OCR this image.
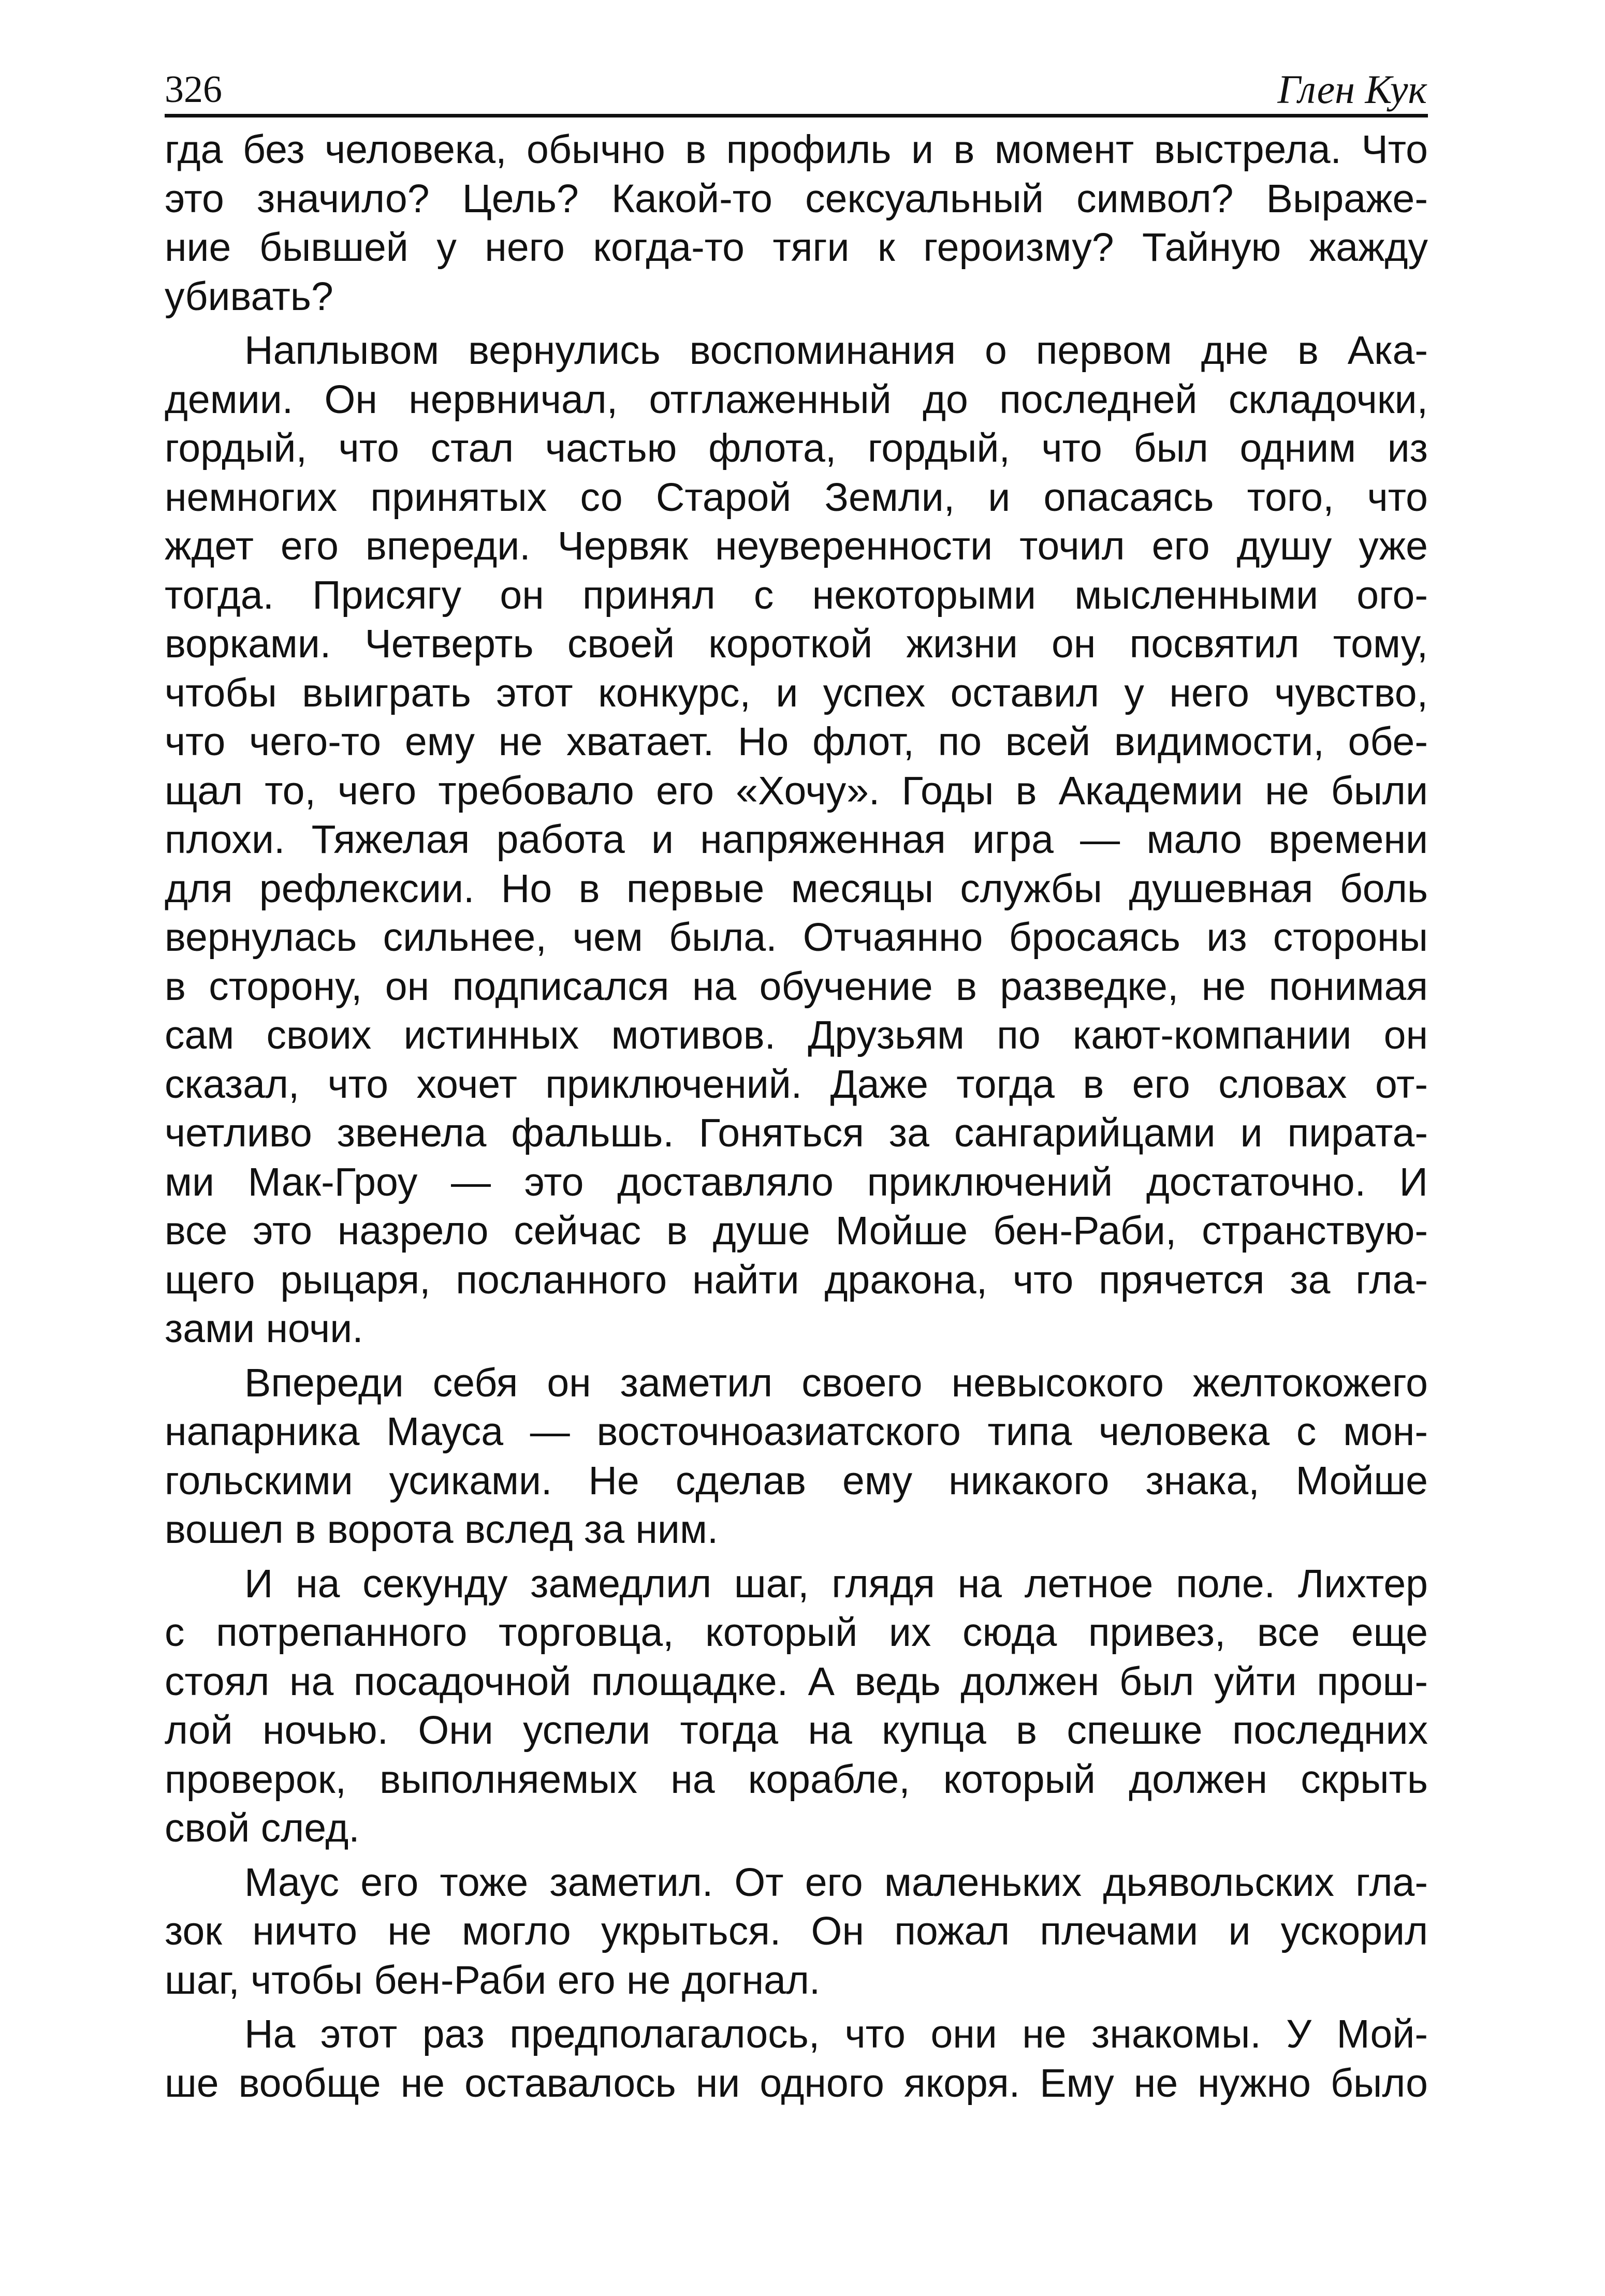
326	Глен Кук
гда без человека, обычно в профиль и в момент выстрела. Что
это значило? Цель? Какой-то сексуальный символ? Выраже-
ние бывшей у него когда-то тяги к героизму? Тайную жажду
убивать?
Наплывом вернулись воспоминания о первом дне в Ака-
демии. Он нервничал, отглаженный до последней складочки,
гордый, что стал частью флота, гордый, что был одним из
немногих принятых со Старой Земли, и опасаясь того, что
ждет его впереди. Червяк неуверенности точил его душу уже
тогда. Присягу он принял с некоторыми мысленными ого-
ворками. Четверть своей короткой жизни он посвятил тому,
чтобы выиграть этот конкурс, и успех оставил у него чувство,
что чего-то ему не хватает. Но флот, по всей видимости, обе-
щал то, чего требовало его «Хочу». Годы в Академии не были
плохи. Тяжелая работа и напряженная игра — мало времени
для рефлексии. Но в первые месяцы службы душевная боль
вернулась сильнее, чем была. Отчаянно бросаясь из стороны
в сторону, он подписался на обучение в разведке, не понимая
сам своих истинных мотивов. Друзьям по кают-компании он
сказал, что хочет приключений. Даже тогда в его словах от-
четливо звенела фальшь. Гоняться за сангарийцами и пирата-
ми Мак-Гроу — это доставляло приключений достаточно. И
все это назрело сейчас в душе Мойше бен-Раби, странствую-
щего рыцаря, посланного найти дракона, что прячется за гла-
зами ночи.
Впереди себя он заметил своего невысокого желтокожего
напарника Мауса — восточноазиатского типа человека с мон-
гольскими усиками. Не сделав ему никакого знака, Мойше
вошел в ворота вслед за ним.
И на секунду замедлил шаг, глядя на летное поле. Лихтер
с потрепанного торговца, который их сюда привез, все еще
стоял на посадочной площадке. А ведь должен был уйти прош-
лой ночью. Они успели тогда на купца в спешке последних
проверок, выполняемых на корабле, который должен скрыть
свой след.
Маус его тоже заметил. От его маленьких дьявольских гла-
зок ничто не могло укрыться. Он пожал плечами и ускорил
шаг, чтобы бен-Раби его не догнал.
На этот раз предполагалось, что они не знакомы. У Мой-
ше вообще не оставалось ни одного якоря. Ему не нужно было
